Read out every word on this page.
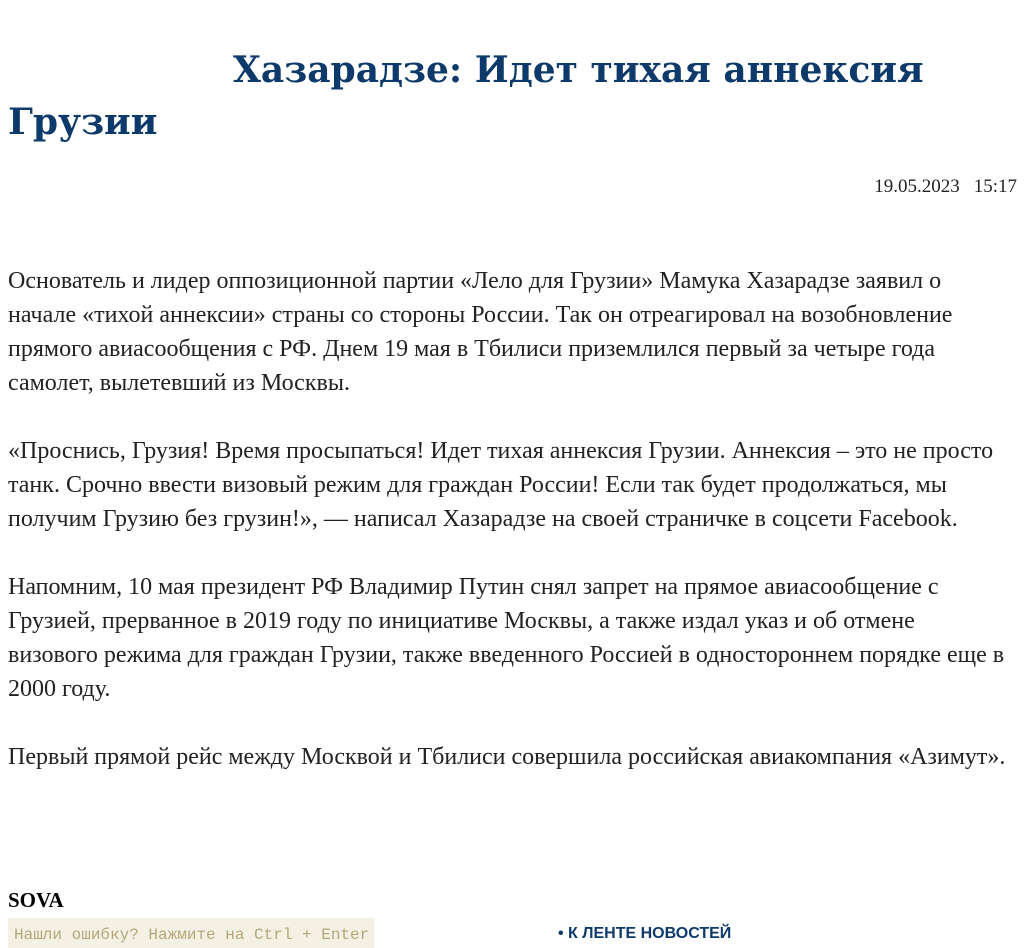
Хазарадзе: Идет тихая аннексия Грузии
19.05.2023 15:17

Основатель и лидер оппозиционной партии «Лело для Грузии» Мамука Хазарадзе заявил о начале «тихой аннексии» страны со стороны России. Так он отреагировал на возобновление прямого авиасообщения с РФ. Днем 19 мая в Тбилиси приземлился первый за четыре года самолет, вылетевший из Москвы.

«Проснись, Грузия! Время просыпаться! Идет тихая аннексия Грузии. Аннексия – это не просто танк. Срочно ввести визовый режим для граждан России! Если так будет продолжаться, мы получим Грузию без грузин!», — написал Хазарадзе на своей страничке в соцсети Facebook.

Напомним, 10 мая президент РФ Владимир Путин снял запрет на прямое авиасообщение с Грузией, прерванное в 2019 году по инициативе Москвы, а также издал указ и об отмене визового режима для граждан Грузии, также введенного Россией в одностороннем порядке еще в 2000 году.

Первый прямой рейс между Москвой и Тбилиси совершила российская авиакомпания «Азимут».

SOVA
Нашли ошибку? Нажмите на Ctrl + Enter	• К ЛЕНТЕ НОВОСТЕЙ
